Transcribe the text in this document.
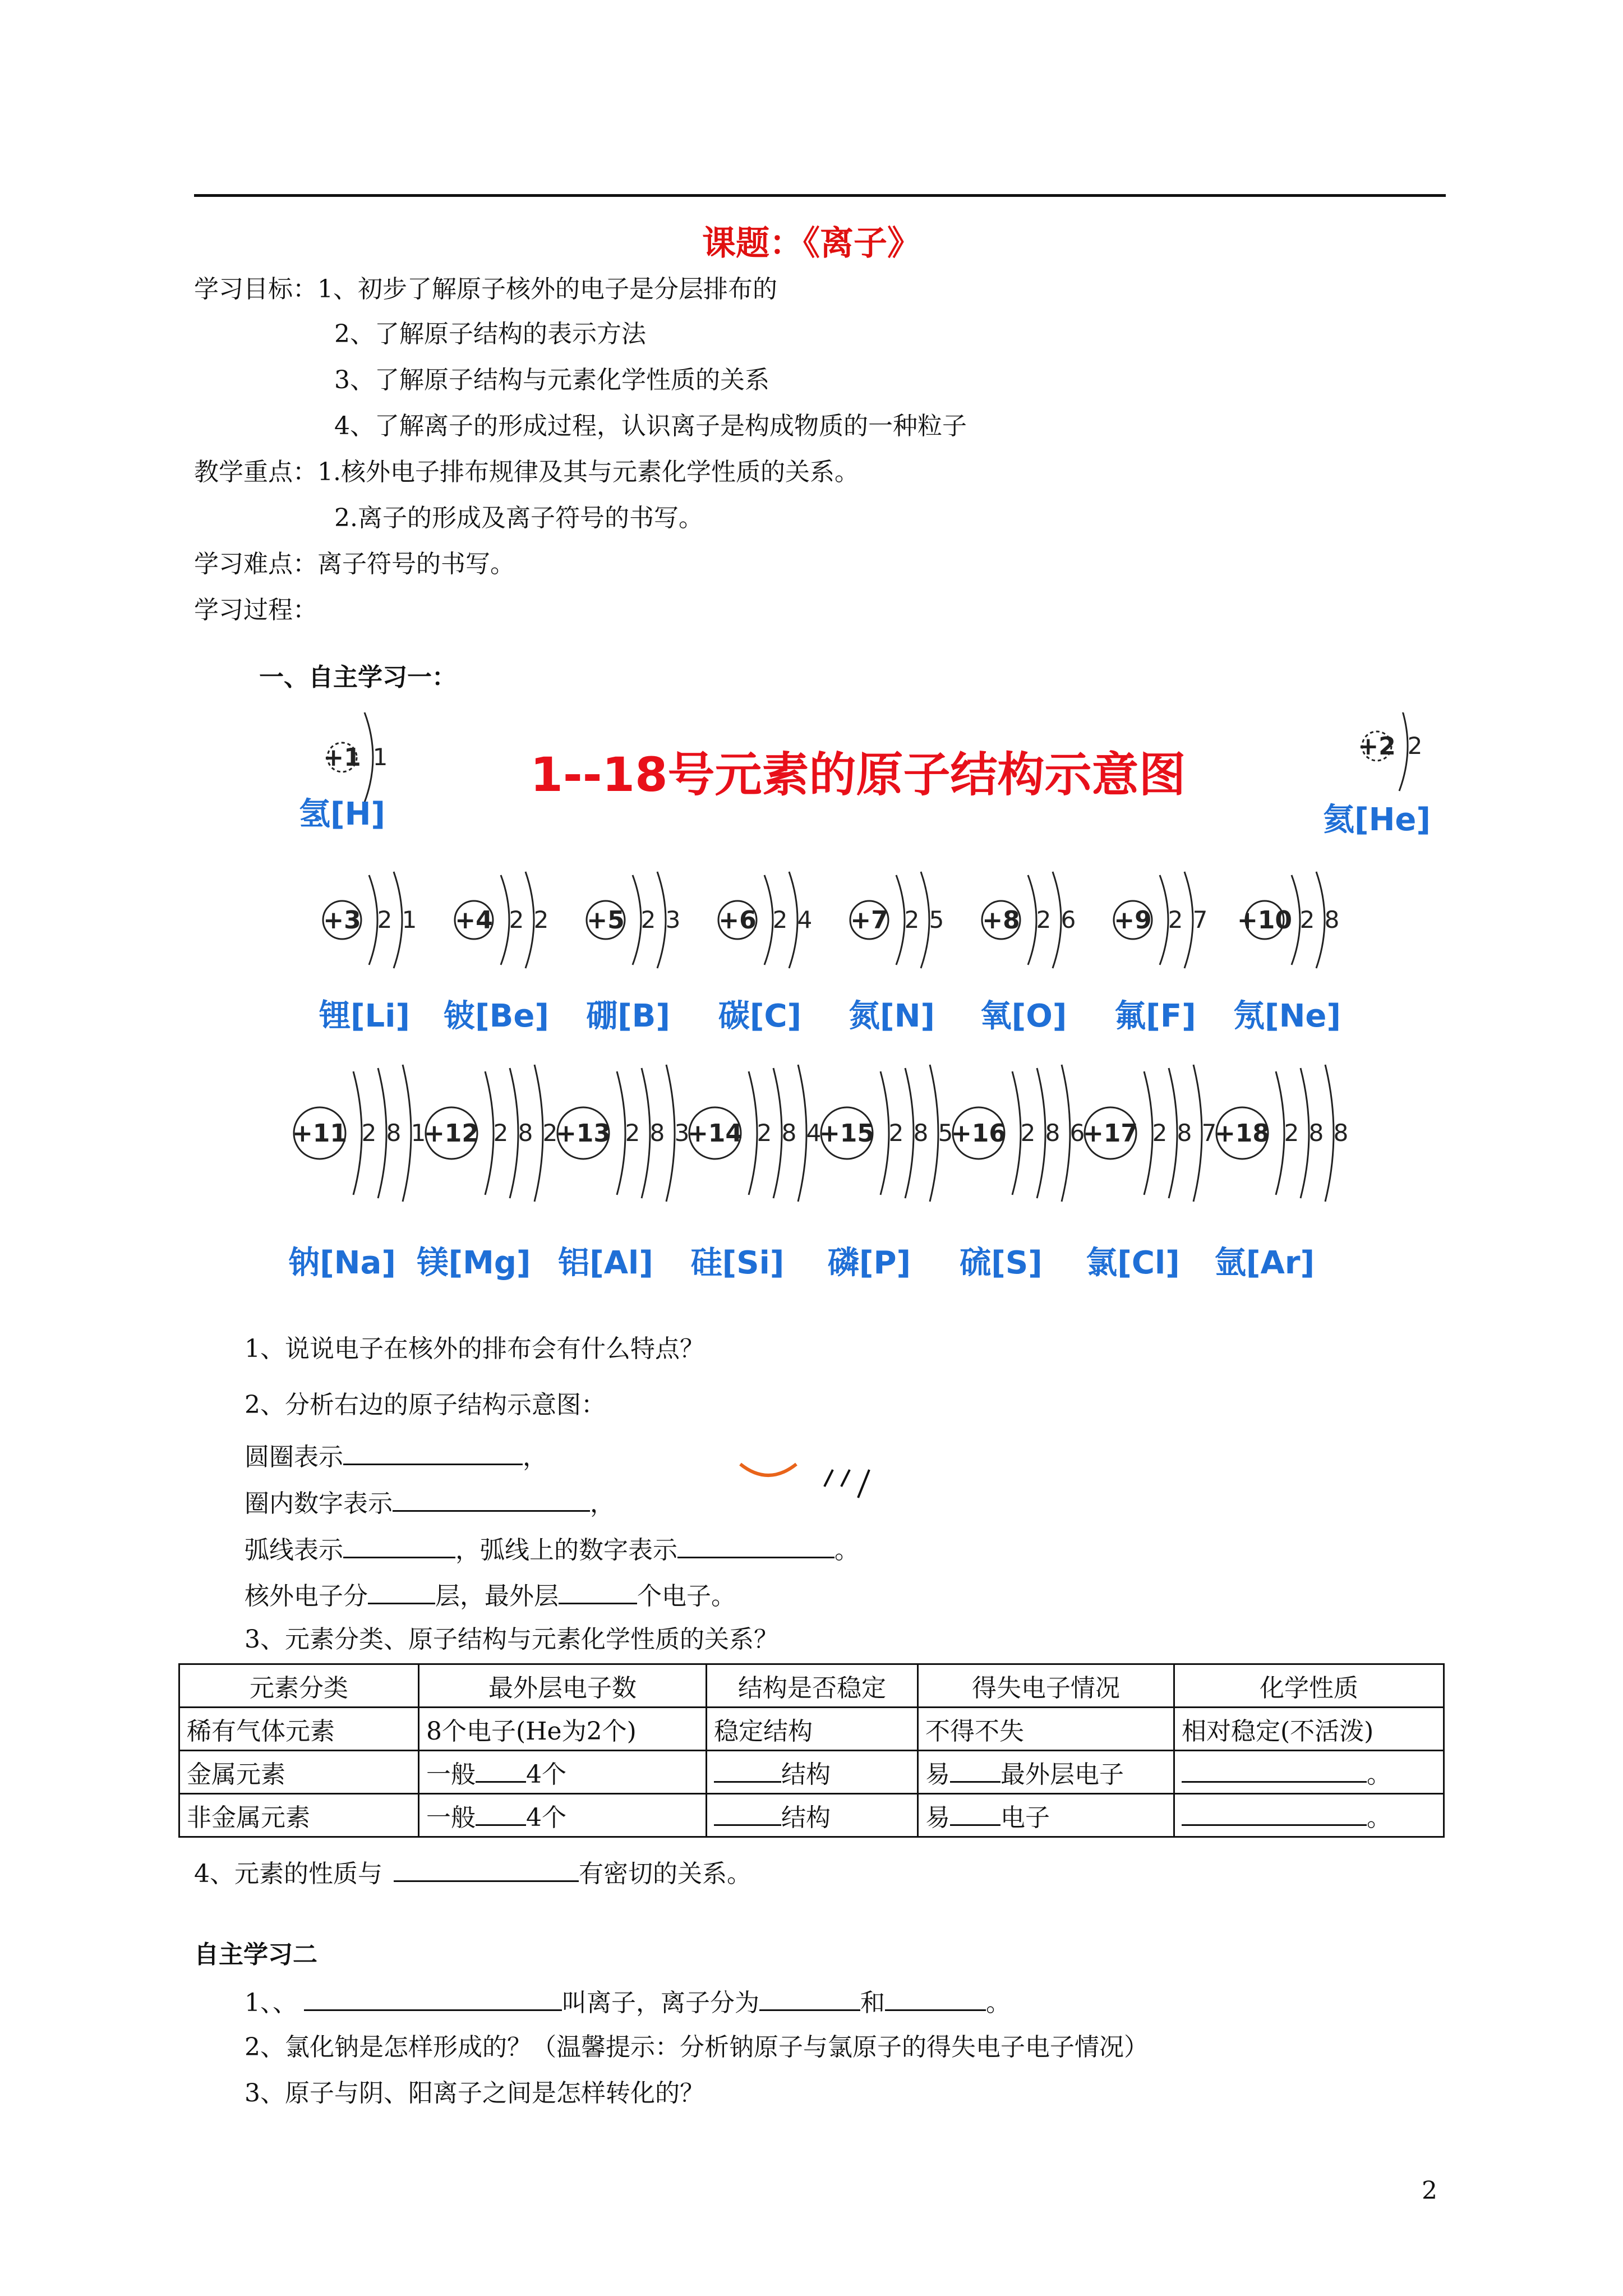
课题：《离子》
学习目标：1、初步了解原子核外的电子是分层排布的
2、了解原子结构的表示方法
3、了解原子结构与元素化学性质的关系
4、了解离子的形成过程，认识离子是构成物质的一种粒子
教学重点：1.核外电子排布规律及其与元素化学性质的关系。
2.离子的形成及离子符号的书写。
学习难点：离子符号的书写。
学习过程：
一、自主学习一：
1--18号元素的原子结构示意图
+1 1
氢[H]
+2 2
氦[He]
+3 2 1
锂[Li]
+4 2 2
铍[Be]
+5 2 3
硼[B]
+6 2 4
碳[C]
+7 2 5
氮[N]
+8 2 6
氧[O]
+9 2 7
氟[F]
+10 2 8
氖[Ne]
+11 2 8 1
钠[Na]
+12 2 8 2
镁[Mg]
+13 2 8 3
铝[Al]
+14 2 8 4
硅[Si]
+15 2 8 5
磷[P]
+16 2 8 6
硫[S]
+17 2 8 7
氯[Cl]
+18 2 8 8
氩[Ar]
1、说说电子在核外的排布会有什么特点？
2、分析右边的原子结构示意图：
圆圈表示	，
圈内数字表示	，
弧线表示	，弧线上的数字表示	。
核外电子分	层，最外层	个电子。
3、元素分类、原子结构与元素化学性质的关系？
元素分类	最外层电子数	结构是否稳定	得失电子情况	化学性质
稀有气体元素	8个电子(He为2个)	稳定结构	不得不失	相对稳定(不活泼)
金属元素	一般 4个	结构	易 最外层电子	。
非金属元素	一般 4个	结构	易 电子	。
4、元素的性质与	有密切的关系。
自主学习二
1、、	叫离子，离子分为	和	。
2、氯化钠是怎样形成的？（温馨提示：分析钠原子与氯原子的得失电子电子情况）
3、原子与阴、阳离子之间是怎样转化的？
2
